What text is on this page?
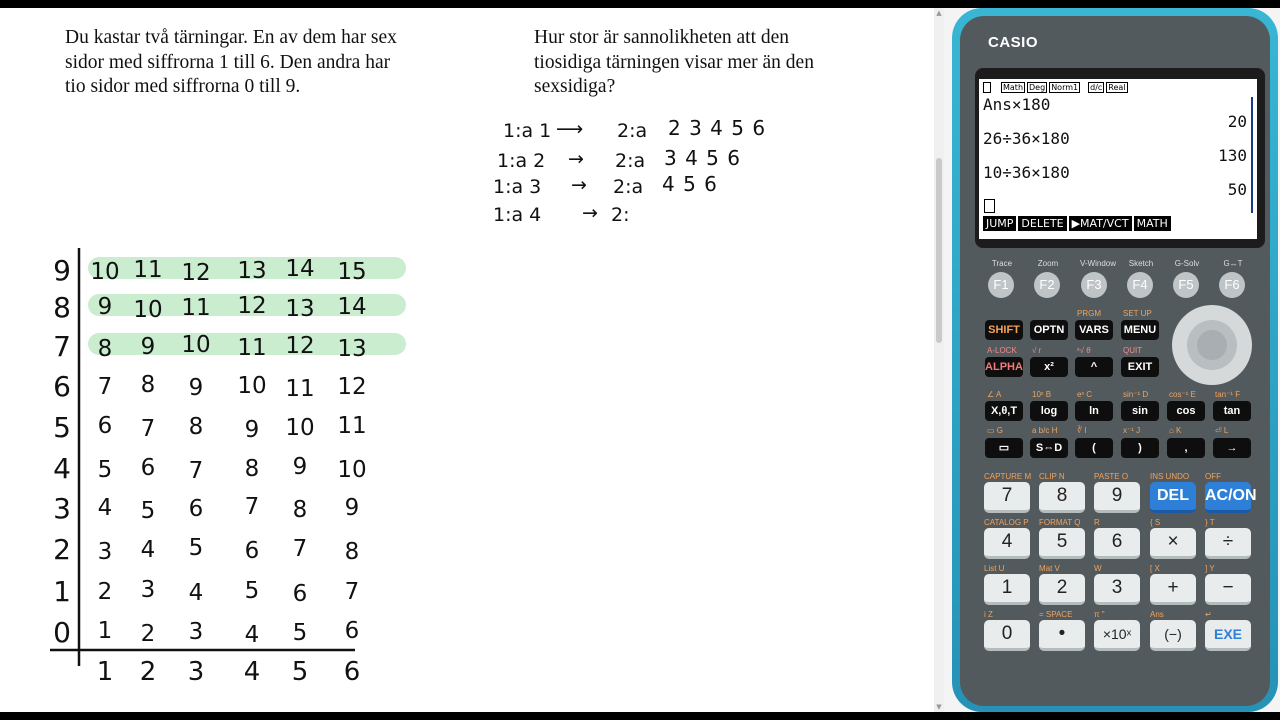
Du kastar två tärningar. En av dem har sex
sidor med siffrorna 1 till 6. Den andra har
tio sidor med siffrorna 0 till 9.
Hur stor är sannolikheten att den
tiosidiga tärningen visar mer än den
sexsidiga?
1:a 1 ⟶ 2:a 2 3 4 5 6
1:a 2 → 2:a 3 4 5 6
1:a 3 → 2:a 4 5 6
1:a 4 → 2:
0
1
2
3
4
5
6
7
8
9
1 2 3 4 5 6
1 2 3 4 5 6
2 3 4 5 6 7
3 4 5 6 7 8
4 5 6 7 8 9
5 6 7 8 9 10
6 7 8 9 10 11
7 8 9 10 11 12
8 9 10 11 12 13
9 10 11 12 13 14
10 11 12 13 14 15
▲
▼
CASIO
Math Deg Norm1 d/c Real
Ans×180
20
26÷36×180
130
10÷36×180
50
JUMP DELETE ▶MAT/VCT MATH
Trace
F1
Zoom
F2
V-Window
F3
Sketch
F4
G-Solv
F5
G↔T
F6
SHIFT	OPTN
PRGM
VARS
SET UP
MENU
A-LOCK
ALPHA
√ r
x²
ˣ√ θ
^
QUIT
EXIT
∠ A
X,θ,T
10ˣ B
log
eˣ C
ln
sin⁻¹ D
sin
cos⁻¹ E
cos
tan⁻¹ F
tan
▭ G
▭
a b/c H
S⇔D
∛ I
(
x⁻¹ J
)
⌂ K
,
⏎ L
→
CAPTURE M
7
CLIP N
8
PASTE O
9
INS UNDO
DEL
OFF
AC/ON
CATALOG P
4
FORMAT Q
5
R
6
{ S
×
} T
÷
List U
1
Mat V
2
W
3
[ X
+
] Y
−
i Z
0
= SPACE
•
π "
×10ˣ
Ans
(−)
↵
EXE
